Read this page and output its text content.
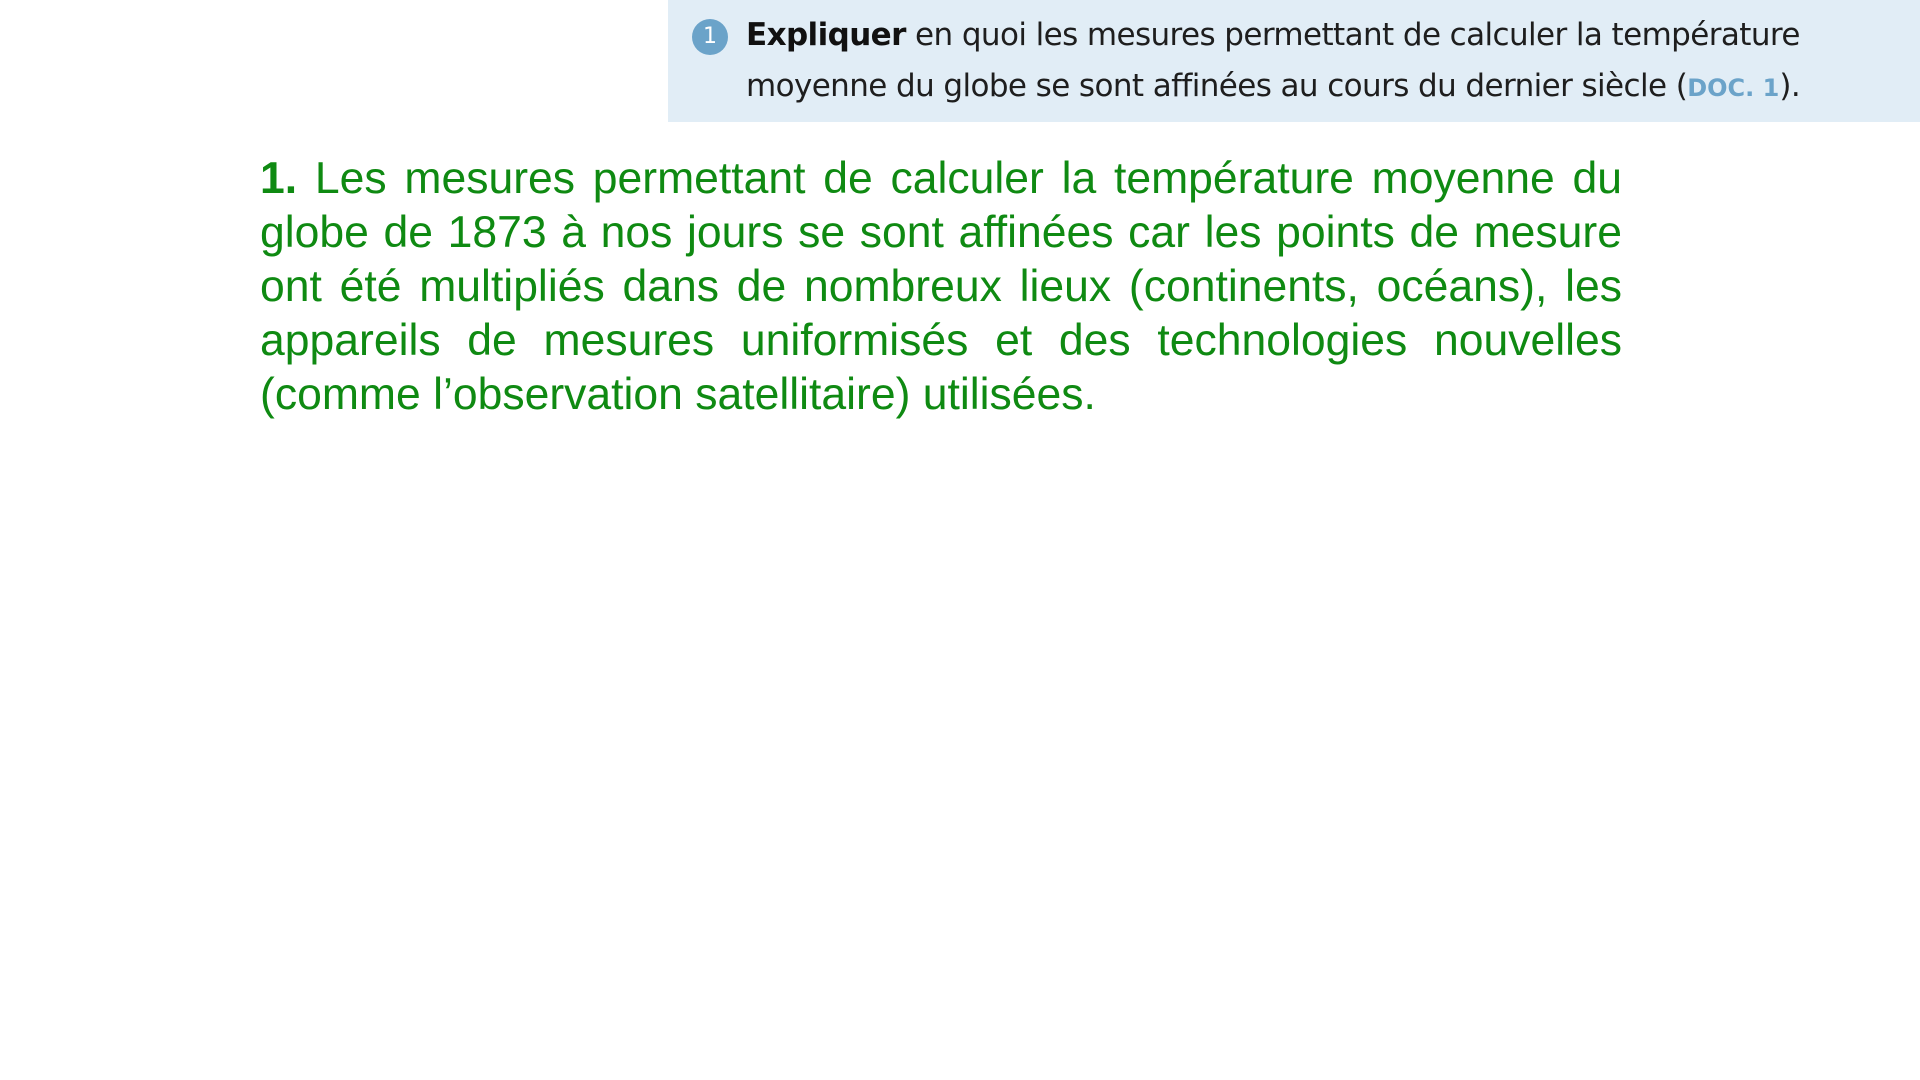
1 Expliquer en quoi les mesures permettant de calculer la température moyenne du globe se sont affinées au cours du dernier siècle (DOC. 1).

1. Les mesures permettant de calculer la température moyenne du globe de 1873 à nos jours se sont affinées car les points de mesure ont été multipliés dans de nombreux lieux (continents, océans), les appareils de mesures uniformisés et des technologies nouvelles (comme l’observation satellitaire) utilisées.
